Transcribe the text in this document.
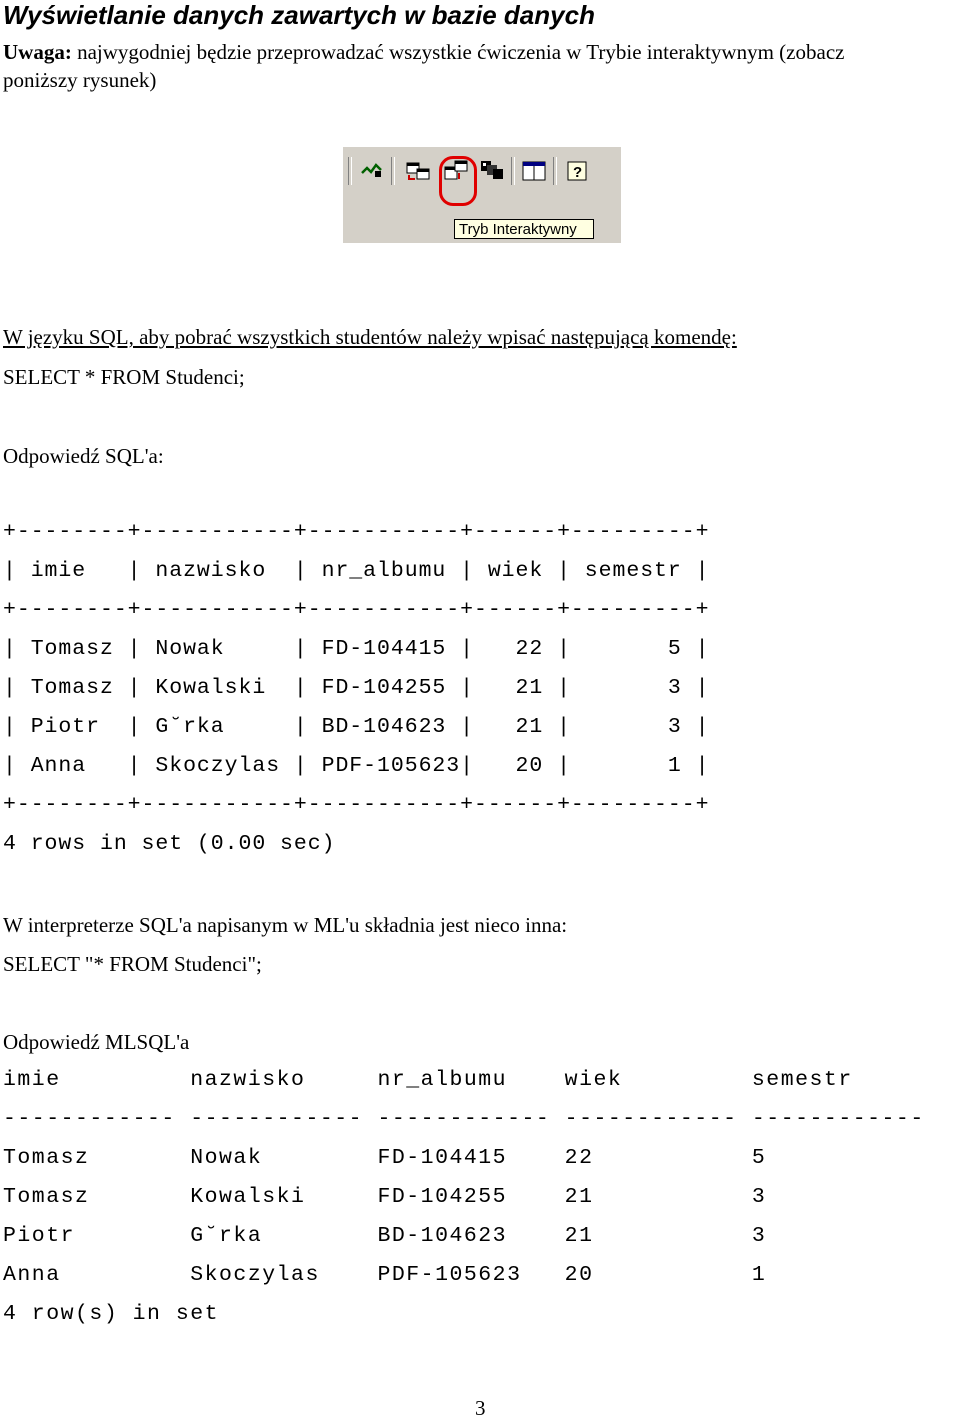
Wyświetlanie danych zawartych w bazie danych
Uwaga: najwygodniej będzie przeprowadzać wszystkie ćwiczenia w Trybie interaktywnym (zobacz
poniższy rysunek)
?
Tryb Interaktywny
W języku SQL, aby pobrać wszystkich studentów należy wpisać następującą komendę:
SELECT * FROM Studenci;
Odpowiedź SQL'a:
+--------+-----------+-----------+------+---------+
| imie   | nazwisko  | nr_albumu | wiek | semestr |
+--------+-----------+-----------+------+---------+
| Tomasz | Nowak     | FD-104415 |   22 |       5 |
| Tomasz | Kowalski  | FD-104255 |   21 |       3 |
| Piotr  | G˘rka     | BD-104623 |   21 |       3 |
| Anna   | Skoczylas | PDF-105623|   20 |       1 |
+--------+-----------+-----------+------+---------+
4 rows in set (0.00 sec)
W interpreterze SQL'a napisanym w ML'u składnia jest nieco inna:
SELECT "* FROM Studenci";
Odpowiedź MLSQL'a
imie         nazwisko     nr_albumu    wiek         semestr
------------ ------------ ------------ ------------ ------------
Tomasz       Nowak        FD-104415    22           5
Tomasz       Kowalski     FD-104255    21           3
Piotr        G˘rka        BD-104623    21           3
Anna         Skoczylas    PDF-105623   20           1
4 row(s) in set
3
